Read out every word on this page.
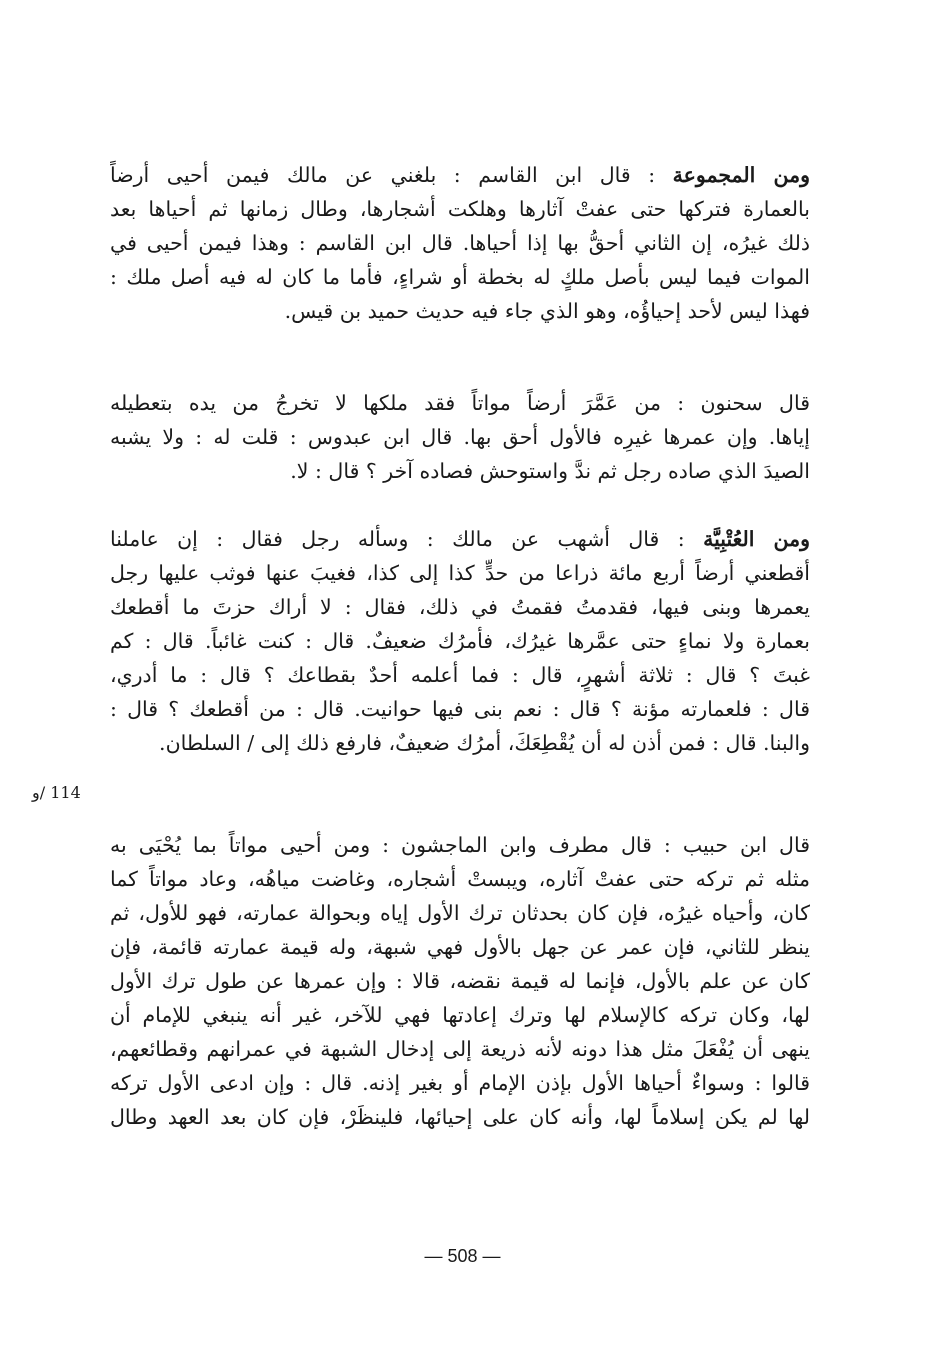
ومن المجموعة : قال ابن القاسم : بلغني عن مالك فيمن أحيى أرضاً
بالعمارة فتركها حتى عفتْ آثارها وهلكت أشجارها، وطال زمانها ثم أحياها بعد
ذلك غيرُه، إن الثاني أحقُّ بها إذا أحياها. قال ابن القاسم : وهذا فيمن أحيى في
الموات فيما ليس بأصل ملكٍ له بخطة أو شراءٍ، فأما ما كان له فيه أصل ملك :
فهذا ليس لأحد إحياؤُه، وهو الذي جاء فيه حديث حميد بن قيس.
قال سحنون : من عَمَّرَ أرضاً مواتاً فقد ملكها لا تخرجُ من يده بتعطيله
إياها. وإن عمرها غيرِه فالأول أحق بها. قال ابن عبدوس : قلت له : ولا يشبه
الصيدَ الذي صاده رجل ثم ندَّ واستوحش فصاده آخر ؟ قال : لا.
ومن العُتْبِيَّة : قال أشهب عن مالك : وسأله رجل فقال : إن عاملنا
أقطعني أرضاً أربع مائة ذراعا من حدٍّ كذا إلى كذا، فغيبَ عنها فوثب عليها رجل
يعمرها وبنى فيها، فقدمتُ فقمتُ في ذلك، فقال : لا أراك حزتَ ما أقطعك
بعمارة ولا نماءٍ حتى عمَّرها غيرُك، فأمرُك ضعيفٌ. قال : كنت غائباً. قال : كم
غبتَ ؟ قال : ثلاثة أشهرٍ، قال : فما أعلمه أحدٌ بقطاعك ؟ قال : ما أدري،
قال : فلعمارته مؤنة ؟ قال : نعم بنى فيها حوانيت. قال : من أقطعك ؟ قال :
والبنا. قال : فمن أذن له أن يُقْطِعَكَ، أمرُك ضعيفٌ، فارفع ذلك إلى / السلطان.
114 /و
قال ابن حبيب : قال مطرف وابن الماجشون : ومن أحيى مواتاً بما يُحْيَى به
مثله ثم تركه حتى عفتْ آثاره، ويبستْ أشجاره، وغاضت مياهُه، وعاد مواتاً كما
كان، وأحياه غيرُه، فإن كان بحدثان ترك الأول إياه وبحوالة عمارته، فهو للأول، ثم
ينظر للثاني، فإن عمر عن جهل بالأول فهي شبهة، وله قيمة عمارته قائمة، فإن
كان عن علم بالأول، فإنما له قيمة نقضه، قالا : وإن عمرها عن طول ترك الأول
لها، وكان تركه كالإسلام لها وترك إعادتها فهي للآخر، غير أنه ينبغي للإمام أن
ينهى أن يُفْعَلَ مثل هذا دونه لأنه ذريعة إلى إدخال الشبهة في عمرانهم وقطائعهم،
قالوا : وسواءٌ أحياها الأول بإذن الإمام أو بغير إذنه. قال : وإن ادعى الأول تركه
لها لم يكن إسلاماً لها، وأنه كان على إحيائها، فلينظَرْ، فإن كان بعد العهد وطال
— 508 —
